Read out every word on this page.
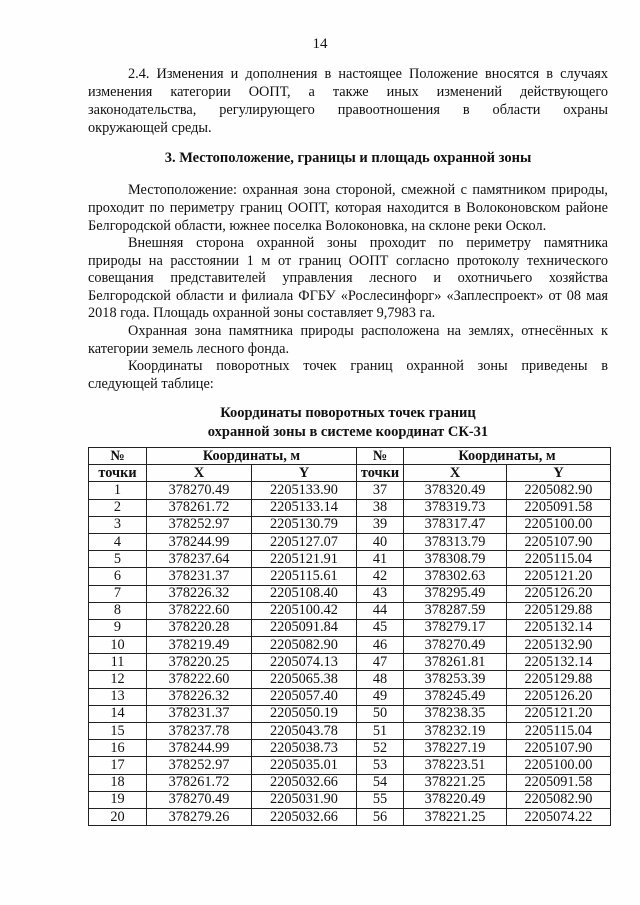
14
2.4. Изменения и дополнения в настоящее Положение вносятся в случаях
изменения категории ООПТ, а также иных изменений действующего
законодательства, регулирующего правоотношения в области охраны
окружающей среды.
3. Местоположение, границы и площадь охранной зоны
Местоположение: охранная зона стороной, смежной с памятником природы,
проходит по периметру границ ООПТ, которая находится в Волоконовском районе
Белгородской области, южнее поселка Волоконовка, на склоне реки Оскол.
Внешняя сторона охранной зоны проходит по периметру памятника
природы на расстоянии 1 м от границ ООПТ согласно протоколу технического
совещания представителей управления лесного и охотничьего хозяйства
Белгородской области и филиала ФГБУ «Рослесинфорг» «Заплеспроект» от 08 мая
2018 года. Площадь охранной зоны составляет 9,7983 га.
Охранная зона памятника природы расположена на землях, отнесённых к
категории земель лесного фонда.
Координаты поворотных точек границ охранной зоны приведены в
следующей таблице:
Координаты поворотных точек границ
охранной зоны в системе координат СК-31
№	Координаты, м		№	Координаты, м	
точки	X	Y	точки	X	Y
1	378270.49	2205133.90	37	378320.49	2205082.90
2	378261.72	2205133.14	38	378319.73	2205091.58
3	378252.97	2205130.79	39	378317.47	2205100.00
4	378244.99	2205127.07	40	378313.79	2205107.90
5	378237.64	2205121.91	41	378308.79	2205115.04
6	378231.37	2205115.61	42	378302.63	2205121.20
7	378226.32	2205108.40	43	378295.49	2205126.20
8	378222.60	2205100.42	44	378287.59	2205129.88
9	378220.28	2205091.84	45	378279.17	2205132.14
10	378219.49	2205082.90	46	378270.49	2205132.90
11	378220.25	2205074.13	47	378261.81	2205132.14
12	378222.60	2205065.38	48	378253.39	2205129.88
13	378226.32	2205057.40	49	378245.49	2205126.20
14	378231.37	2205050.19	50	378238.35	2205121.20
15	378237.78	2205043.78	51	378232.19	2205115.04
16	378244.99	2205038.73	52	378227.19	2205107.90
17	378252.97	2205035.01	53	378223.51	2205100.00
18	378261.72	2205032.66	54	378221.25	2205091.58
19	378270.49	2205031.90	55	378220.49	2205082.90
20	378279.26	2205032.66	56	378221.25	2205074.22
